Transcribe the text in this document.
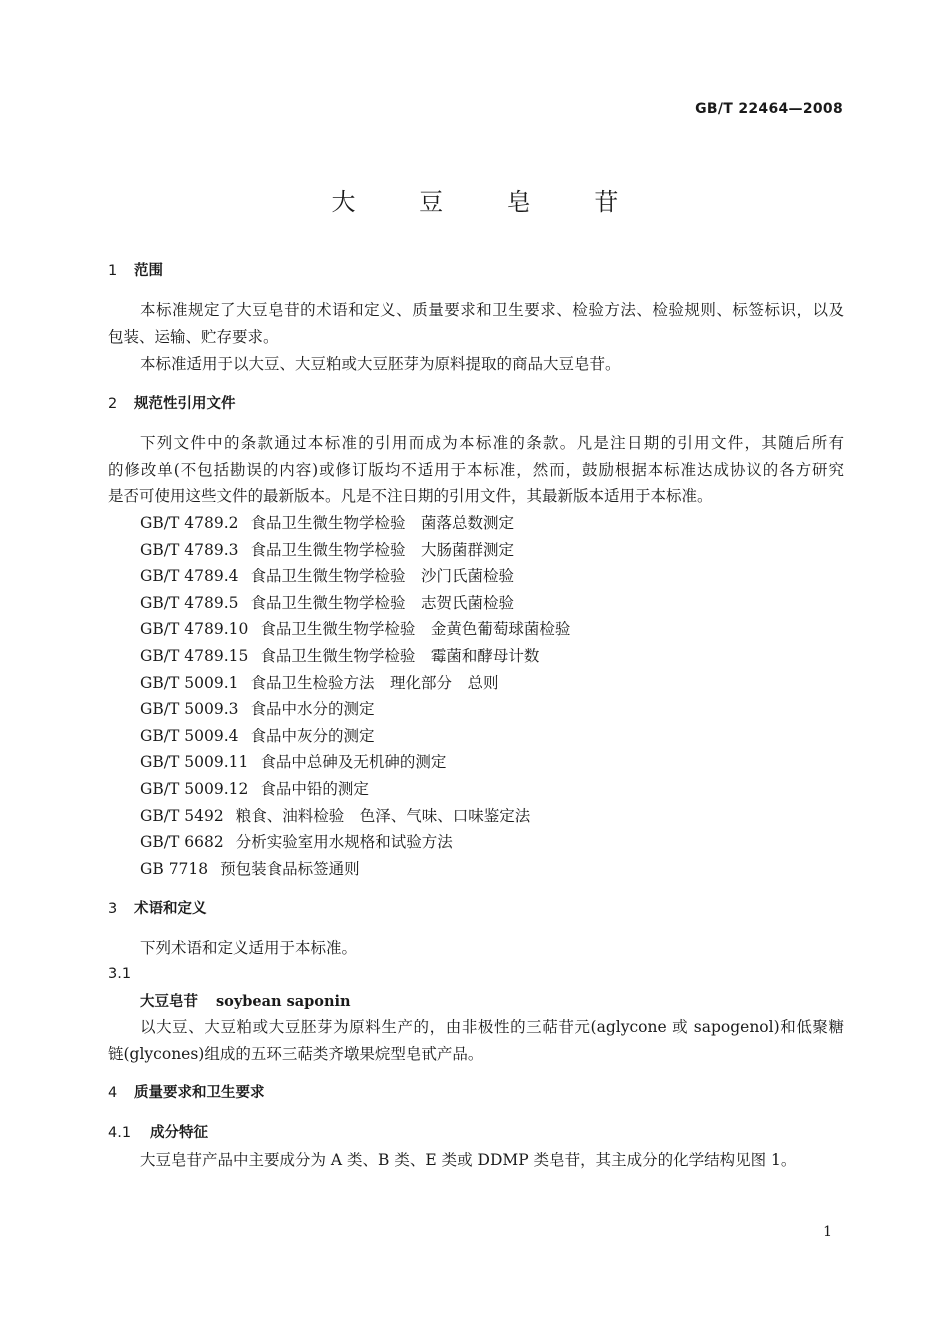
GB/T 22464—2008
大 豆 皂 苷
1 范围
本标准规定了大豆皂苷的术语和定义、质量要求和卫生要求、检验方法、检验规则、标签标识，以及
包装、运输、贮存要求。
本标准适用于以大豆、大豆粕或大豆胚芽为原料提取的商品大豆皂苷。
2 规范性引用文件
下列文件中的条款通过本标准的引用而成为本标准的条款。凡是注日期的引用文件，其随后所有
的修改单(不包括勘误的内容)或修订版均不适用于本标准，然而，鼓励根据本标准达成协议的各方研究
是否可使用这些文件的最新版本。凡是不注日期的引用文件，其最新版本适用于本标准。
GB/T 4789.2 食品卫生微生物学检验　菌落总数测定
GB/T 4789.3 食品卫生微生物学检验　大肠菌群测定
GB/T 4789.4 食品卫生微生物学检验　沙门氏菌检验
GB/T 4789.5 食品卫生微生物学检验　志贺氏菌检验
GB/T 4789.10 食品卫生微生物学检验　金黄色葡萄球菌检验
GB/T 4789.15 食品卫生微生物学检验　霉菌和酵母计数
GB/T 5009.1 食品卫生检验方法　理化部分　总则
GB/T 5009.3 食品中水分的测定
GB/T 5009.4 食品中灰分的测定
GB/T 5009.11 食品中总砷及无机砷的测定
GB/T 5009.12 食品中铅的测定
GB/T 5492 粮食、油料检验　色泽、气味、口味鉴定法
GB/T 6682 分析实验室用水规格和试验方法
GB 7718 预包装食品标签通则
3 术语和定义
下列术语和定义适用于本标准。
3.1
大豆皂苷 soybean saponin
以大豆、大豆粕或大豆胚芽为原料生产的，由非极性的三萜苷元(aglycone 或 sapogenol)和低聚糖
链(glycones)组成的五环三萜类齐墩果烷型皂甙产品。
4 质量要求和卫生要求
4.1 成分特征
大豆皂苷产品中主要成分为 A 类、B 类、E 类或 DDMP 类皂苷，其主成分的化学结构见图 1。
1
